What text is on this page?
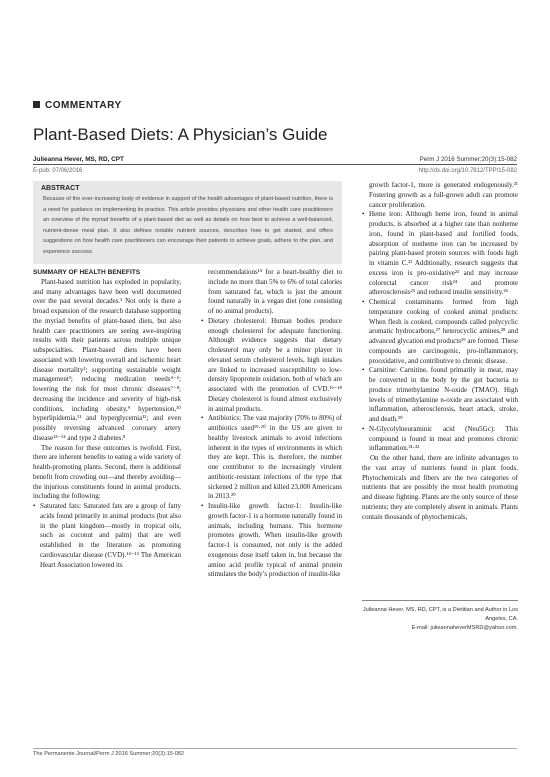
COMMENTARY
Plant-Based Diets: A Physician’s Guide
Julieanna Hever, MS, RD, CPT	Perm J 2016 Summer;20(3):15-082
E-pub: 07/06/2016	http://dx.doi.org/10.7812/TPP/15-082
ABSTRACT
Because of the ever-increasing body of evidence in support of the health advantages of plant-based nutrition, there is a need for guidance on implementing its practice. This article provides physicians and other health care practitioners an overview of the myriad benefits of a plant-based diet as well as details on how best to achieve a well-balanced, nutrient-dense meal plan. It also defines notable nutrient sources, describes how to get started, and offers suggestions on how health care practitioners can encourage their patients to achieve goals, adhere to the plan, and experience success.

SUMMARY OF HEALTH BENEFITS

Plant-based nutrition has exploded in popularity, and many advantages have been well documented over the past several decades.¹ Not only is there a broad expansion of the research database supporting the myriad benefits of plant-based diets, but also health care practitioners are seeing awe-inspiring results with their patients across multiple unique subspecialties. Plant-based diets have been associated with lowering overall and ischemic heart disease mortality²; supporting sustainable weight management³; reducing medication needs⁴⁻⁶; lowering the risk for most chronic diseases⁷⁻⁸; decreasing the incidence and severity of high-risk conditions, including obesity,⁹ hypertension,¹⁰ hyperlipidemia,¹¹ and hyperglycemia¹²; and even possibly reversing advanced coronary artery disease¹³⁻¹⁴ and type 2 diabetes.⁸

The reason for these outcomes is twofold. First, there are inherent benefits to eating a wide variety of health-promoting plants. Second, there is additional benefit from crowding out—and thereby avoiding—the injurious constituents found in animal products, including the following:

• Saturated fats: Saturated fats are a group of fatty acids found primarily in animal products (but also in the plant kingdom—mostly in tropical oils, such as coconut and palm) that are well established in the literature as promoting cardiovascular disease (CVD).¹⁴⁻¹⁵ The American Heart Association lowered its

recommendations¹⁵ for a heart-healthy diet to include no more than 5% to 6% of total calories from saturated fat, which is just the amount found naturally in a vegan diet (one consisting of no animal products).

• Dietary cholesterol: Human bodies produce enough cholesterol for adequate functioning. Although evidence suggests that dietary cholesterol may only be a minor player in elevated serum cholesterol levels, high intakes are linked to increased susceptibility to low-density lipoprotein oxidation, both of which are associated with the promotion of CVD.¹⁶⁻¹⁸ Dietary cholesterol is found almost exclusively in animal products.
• Antibiotics: The vast majority (70% to 80%) of antibiotics used¹⁹·²⁰ in the US are given to healthy livestock animals to avoid infections inherent in the types of environments in which they are kept. This is, therefore, the number one contributor to the increasingly virulent antibiotic-resistant infections of the type that sickened 2 million and killed 23,000 Americans in 2013.²⁰
• Insulin-like growth factor-1: Insulin-like growth factor-1 is a hormone naturally found in animals, including humans. This hormone promotes growth. When insulin-like growth factor-1 is consumed, not only is the added exogenous dose itself taken in, but because the amino acid profile typical of animal protein stimulates the body’s production of insulin-like

growth factor-1, more is generated endogenously.²¹ Fostering growth as a full-grown adult can promote cancer proliferation.

• Heme iron: Although heme iron, found in animal products, is absorbed at a higher rate than nonheme iron, found in plant-based and fortified foods, absorption of nonheme iron can be increased by pairing plant-based protein sources with foods high in vitamin C.²² Additionally, research suggests that excess iron is pro-oxidative²³ and may increase colorectal cancer risk²⁴ and promote atherosclerosis²⁵ and reduced insulin sensitivity.²⁶
• Chemical contaminants formed from high temperature cooking of cooked animal products: When flesh is cooked, compounds called polycyclic aromatic hydrocarbons,²⁷ heterocyclic amines,²⁸ and advanced glycation end products²⁹ are formed. These compounds are carcinogenic, pro-inflammatory, prooxidative, and contributive to chronic disease.
• Carnitine: Carnitine, found primarily in meat, may be converted in the body by the gut bacteria to produce trimethylamine N-oxide (TMAO). High levels of trimethylamine n-oxide are associated with inflammation, atherosclerosis, heart attack, stroke, and death.³⁰
• N-Glycolylneuraminic acid (Neu5Gc): This compound is found in meat and promotes chronic inflammation.³¹·³²

On the other hand, there are infinite advantages to the vast array of nutrients found in plant foods. Phytochemicals and fibers are the two categories of nutrients that are possibly the most health promoting and disease fighting. Plants are the only source of these nutrients; they are completely absent in animals. Plants contain thousands of phytochemicals,

Julieanna Hever, MS, RD, CPT, is a Dietitian and Author in Los Angeles, CA.
E-mail: julieannaheverMSRD@yahoo.com.
The Permanente Journal/Perm J 2016 Summer;20(3):15-082
